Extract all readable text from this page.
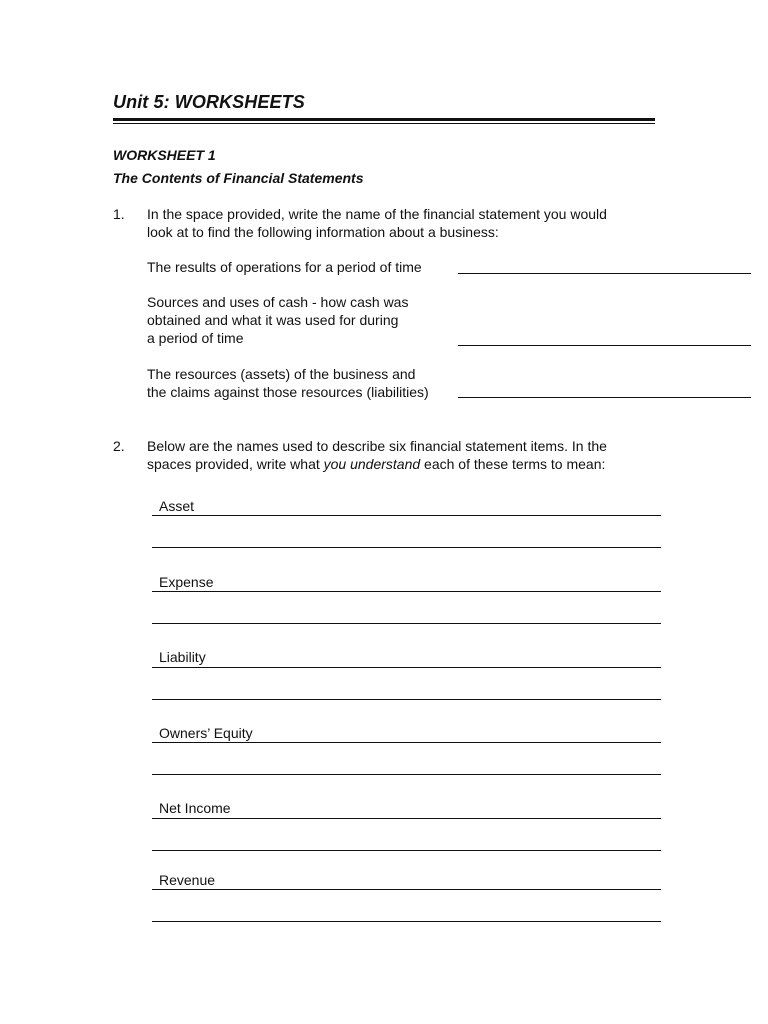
Unit 5: WORKSHEETS
WORKSHEET 1
The Contents of Financial Statements
1. In the space provided, write the name of the financial statement you would
look at to find the following information about a business:
The results of operations for a period of time
Sources and uses of cash - how cash was
obtained and what it was used for during
a period of time
The resources (assets) of the business and
the claims against those resources (liabilities)
2. Below are the names used to describe six financial statement items. In the
spaces provided, write what you understand each of these terms to mean:
Asset
Expense
Liability
Owners’ Equity
Net Income
Revenue
